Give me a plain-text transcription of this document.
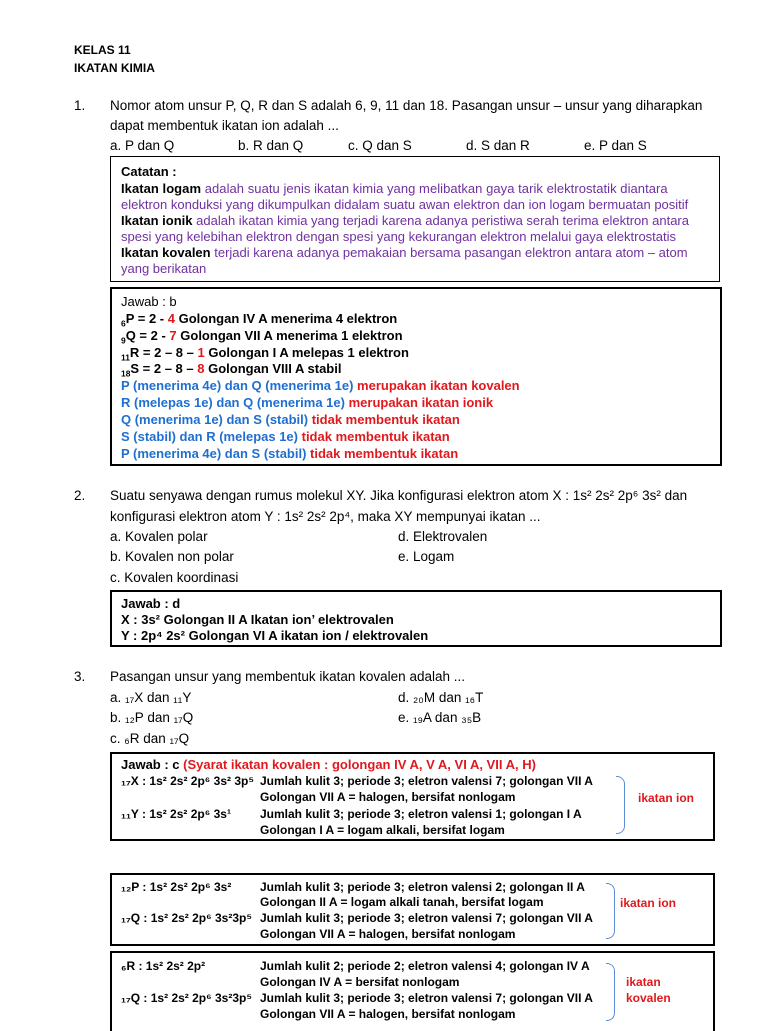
KELAS 11
IKATAN KIMIA
1. Nomor atom unsur P, Q, R dan S adalah 6, 9, 11 dan 18. Pasangan unsur – unsur yang diharapkan
dapat membentuk ikatan ion adalah ...
a. P dan Q	b. R dan Q	c. Q dan S	d. S dan R	e. P dan S
Catatan :
Ikatan logam adalah suatu jenis ikatan kimia yang melibatkan gaya tarik elektrostatik diantara
elektron konduksi yang dikumpulkan didalam suatu awan elektron dan ion logam bermuatan positif
Ikatan ionik adalah ikatan kimia yang terjadi karena adanya peristiwa serah terima elektron antara
spesi yang kelebihan elektron dengan spesi yang kekurangan elektron melalui gaya elektrostatis
Ikatan kovalen terjadi karena adanya pemakaian bersama pasangan elektron antara atom – atom
yang berikatan
Jawab : b
$_6$P = 2 - 4 Golongan IV A menerima 4 elektron
$_9$Q = 2 - 7 Golongan VII A menerima 1 elektron
$_{11}$R = 2 – 8 – 1 Golongan I A melepas 1 elektron
$_{18}$S = 2 – 8 – 8 Golongan VIII A stabil
P (menerima 4e) dan Q (menerima 1e) merupakan ikatan kovalen
R (melepas 1e) dan Q (menerima 1e) merupakan ikatan ionik
Q (menerima 1e) dan S (stabil) tidak membentuk ikatan
S (stabil) dan R (melepas 1e) tidak membentuk ikatan
P (menerima 4e) dan S (stabil) tidak membentuk ikatan
2. Suatu senyawa dengan rumus molekul XY. Jika konfigurasi elektron atom X : 1s² 2s² 2p⁶ 3s² dan
konfigurasi elektron atom Y : 1s² 2s² 2p⁴, maka XY mempunyai ikatan ...
a. Kovalen polar
b. Kovalen non polar
c. Kovalen koordinasi
d. Elektrovalen
e. Logam
Jawab : d
X : 3s² Golongan II A Ikatan ion’ elektrovalen
Y : 2p⁴ 2s² Golongan VI A ikatan ion / elektrovalen
3. Pasangan unsur yang membentuk ikatan kovalen adalah ...
a. ₁₇X dan ₁₁Y
b. ₁₂P dan ₁₇Q
c. ₆R dan ₁₇Q
d. ₂₀M dan ₁₆T
e. ₁₉A dan ₃₅B
Jawab : c (Syarat ikatan kovalen : golongan IV A, V A, VI A, VII A, H)
₁₇X : 1s² 2s² 2p⁶ 3s² 3p⁵ Jumlah kulit 3; periode 3; eletron valensi 7; golongan VII A
Golongan VII A = halogen, bersifat nonlogam
₁₁Y : 1s² 2s² 2p⁶ 3s¹ Jumlah kulit 3; periode 3; eletron valensi 1; golongan I A
Golongan I A = logam alkali, bersifat logam
ikatan ion
₁₂P : 1s² 2s² 2p⁶ 3s² Jumlah kulit 3; periode 3; eletron valensi 2; golongan II A
Golongan II A = logam alkali tanah, bersifat logam
₁₇Q : 1s² 2s² 2p⁶ 3s²3p⁵ Jumlah kulit 3; periode 3; eletron valensi 7; golongan VII A
Golongan VII A = halogen, bersifat nonlogam
ikatan ion
₆R : 1s² 2s² 2p²	Jumlah kulit 2; periode 2; eletron valensi 4; golongan IV A
Golongan IV A = bersifat nonlogam
₁₇Q : 1s² 2s² 2p⁶ 3s²3p⁵ Jumlah kulit 3; periode 3; eletron valensi 7; golongan VII A
Golongan VII A = halogen, bersifat nonlogam
ikatan
kovalen
